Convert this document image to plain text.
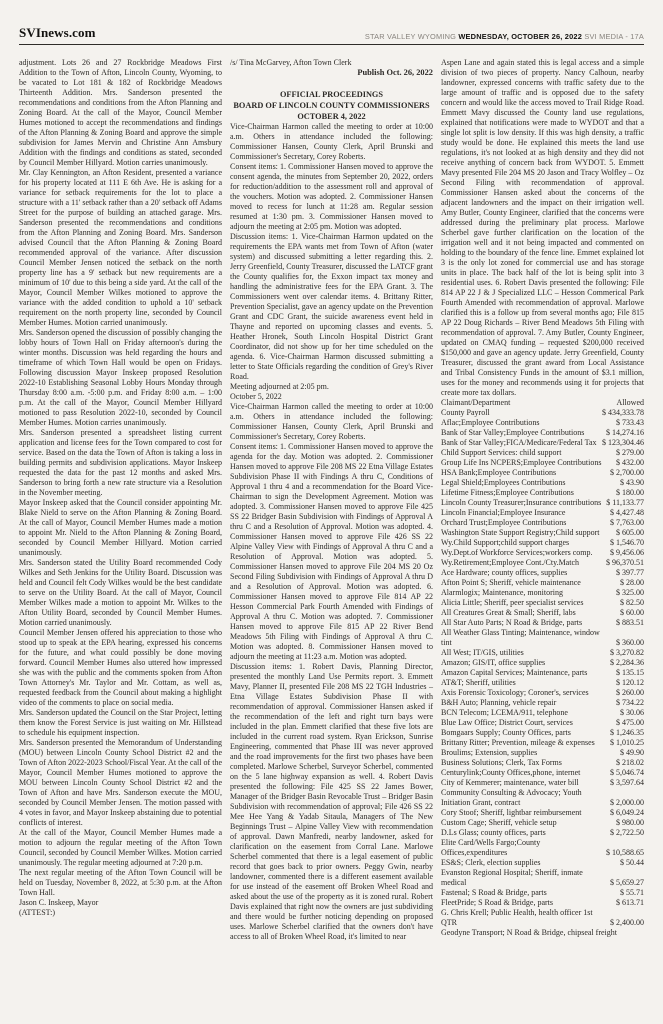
SVInews.com	STAR VALLEY WYOMING WEDNESDAY, OCTOBER 26, 2022 SVI MEDIA - 17A

adjustment. Lots 26 and 27 Rockbridge Meadows First Addition to the Town of Afton, Lincoln County, Wyoming, to be vacated to Lot 181 & 182 of Rockbridge Meadows Thirteenth Addition. Mrs. Sanderson presented the recommendations and conditions from the Afton Planning and Zoning Board. At the call of the Mayor, Council Member Humes motioned to accept the recommendations and findings of the Afton Planning & Zoning Board and approve the simple subdivision for James Mervin and Christine Ann Amsbury Addition with the findings and conditions as stated, seconded by Council Member Hillyard. Motion carries unanimously.

Mr. Clay Kennington, an Afton Resident, presented a variance for his property located at 111 E 6th Ave. He is asking for a variance for setback requirements for the lot to place a structure with a 11' setback rather than a 20' setback off Adams Street for the purpose of building an attached garage. Mrs. Sanderson presented the recommendations and conditions from the Afton Planning and Zoning Board. Mrs. Sanderson advised Council that the Afton Planning & Zoning Board recommended approval of the variance. After discussion Council Member Jensen noticed the setback on the north property line has a 9' setback but new requirements are a minimum of 10' due to this being a side yard. At the call of the Mayor, Council Member Wilkes motioned to approve the variance with the added condition to uphold a 10' setback requirement on the north property line, seconded by Council Member Humes. Motion carried unanimously.

Mrs. Sanderson opened the discussion of possibly changing the lobby hours of Town Hall on Friday afternoon's during the winter months. Discussion was held regarding the hours and timeframe of which Town Hall would be open on Fridays. Following discussion Mayor Inskeep proposed Resolution 2022-10 Establishing Seasonal Lobby Hours Monday through Thursday 8:00 a.m. -5:00 p.m. and Friday 8:00 a.m. – 1:00 p.m. At the call of the Mayor, Council Member Hillyard motioned to pass Resolution 2022-10, seconded by Council Member Humes. Motion carries unanimously.

Mrs. Sanderson presented a spreadsheet listing current application and license fees for the Town compared to cost for service. Based on the data the Town of Afton is taking a loss in building permits and subdivision applications. Mayor Inskeep requested the data for the past 12 months and asked Mrs. Sanderson to bring forth a new rate structure via a Resolution in the November meeting.

Mayor Inskeep asked that the Council consider appointing Mr. Blake Nield to serve on the Afton Planning & Zoning Board. At the call of Mayor, Council Member Humes made a motion to appoint Mr. Nield to the Afton Planning & Zoning Board, seconded by Council Member Hillyard. Motion carried unanimously.

Mrs. Sanderson stated the Utility Board recommended Cody Wilkes and Seth Jenkins for the Utility Board. Discussion was held and Council felt Cody Wilkes would be the best candidate to serve on the Utility Board. At the call of Mayor, Council Member Wilkes made a motion to appoint Mr. Wilkes to the Afton Utility Board, seconded by Council Member Humes. Motion carried unanimously.

Council Member Jensen offered his appreciation to those who stood up to speak at the EPA hearing, expressed his concerns for the future, and what could possibly be done moving forward. Council Member Humes also uttered how impressed she was with the public and the comments spoken from Afton Town Attorney's Mr. Taylor and Mr. Cottam, as well as, requested feedback from the Council about making a highlight video of the comments to place on social media.

Mrs. Sanderson updated the Council on the Star Project, letting them know the Forest Service is just waiting on Mr. Hillstead to schedule his equipment inspection.

Mrs. Sanderson presented the Memorandum of Understanding (MOU) between Lincoln County School District #2 and the Town of Afton 2022-2023 School/Fiscal Year. At the call of the Mayor, Council Member Humes motioned to approve the MOU between Lincoln County School District #2 and the Town of Afton and have Mrs. Sanderson execute the MOU, seconded by Council Member Jensen. The motion passed with 4 votes in favor, and Mayor Inskeep abstaining due to potential conflicts of interest.

At the call of the Mayor, Council Member Humes made a motion to adjourn the regular meeting of the Afton Town Council, seconded by Council Member Wilkes. Motion carried unanimously. The regular meeting adjourned at 7:20 p.m.

The next regular meeting of the Afton Town Council will be held on Tuesday, November 8, 2022, at 5:30 p.m. at the Afton Town Hall.

Jason C. Inskeep, Mayor

(ATTEST:)

/s/ Tina McGarvey, Afton Town Clerk

Publish Oct. 26, 2022

OFFICIAL PROCEEDINGS
BOARD OF LINCOLN COUNTY COMMISSIONERS
OCTOBER 4, 2022

Vice-Chairman Harmon called the meeting to order at 10:00 a.m. Others in attendance included the following: Commissioner Hansen, County Clerk, April Brunski and Commissioner's Secretary, Corey Roberts.

Consent items: 1. Commissioner Hansen moved to approve the consent agenda, the minutes from September 20, 2022, orders for reduction/addition to the assessment roll and approval of the vouchers. Motion was adopted. 2. Commissioner Hansen moved to recess for lunch at 11:28 am. Regular session resumed at 1:30 pm. 3. Commissioner Hansen moved to adjourn the meeting at 2:05 pm. Motion was adopted.

Discussion items: 1. Vice-Chairman Harmon updated on the requirements the EPA wants met from Town of Afton (water system) and discussed submitting a letter regarding this. 2. Jerry Greenfield, County Treasurer, discussed the LATCF grant the County qualifies for, the Exxon impact tax money and handling the administrative fees for the EPA Grant. 3. The Commissioners went over calendar items. 4. Brittany Ritter, Prevention Specialist, gave an agency update on the Prevention Grant and CDC Grant, the suicide awareness event held in Thayne and reported on upcoming classes and events. 5. Heather Hronek, South Lincoln Hospital District Grant Coordinator, did not show up for her time scheduled on the agenda. 6. Vice-Chairman Harmon discussed submitting a letter to State Officials regarding the condition of Grey's River Road.

Meeting adjourned at 2:05 pm.

October 5, 2022

Vice-Chairman Harmon called the meeting to order at 10:00 a.m. Others in attendance included the following: Commissioner Hansen, County Clerk, April Brunski and Commissioner's Secretary, Corey Roberts.

Consent items: 1. Commissioner Hansen moved to approve the agenda for the day. Motion was adopted. 2. Commissioner Hansen moved to approve File 208 MS 22 Etna Village Estates Subdivision Phase II with Findings A thru C, Conditions of Approval 1 thru 4 and a recommendation for the Board Vice-Chairman to sign the Development Agreement. Motion was adopted. 3. Commissioner Hansen moved to approve File 425 SS 22 Bridger Basin Subdivision with Findings of Approval A thru C and a Resolution of Approval. Motion was adopted. 4. Commissioner Hansen moved to approve File 426 SS 22 Alpine Valley View with Findings of Approval A thru C and a Resolution of Approval. Motion was adopted. 5. Commissioner Hansen moved to approve File 204 MS 20 Oz Second Filing Subdivision with Findings of Approval A thru D and a Resolution of Approval. Motion was adopted. 6. Commissioner Hansen moved to approve File 814 AP 22 Hesson Commercial Park Fourth Amended with Findings of Approval A thru C. Motion was adopted. 7. Commissioner Hansen moved to approve File 815 AP 22 River Bend Meadows 5th Filing with Findings of Approval A thru C. Motion was adopted. 8. Commissioner Hansen moved to adjourn the meeting at 11:23 a.m. Motion was adopted.

Discussion items: 1. Robert Davis, Planning Director, presented the monthly Land Use Permits report. 3. Emmett Mavy, Planner II, presented File 208 MS 22 TGH Industries – Etna Village Estates Subdivision Phase II with recommendation of approval. Commissioner Hansen asked if the recommendation of the left and right turn bays were included in the plan. Emmett clarified that these five lots are included in the current road system. Ryan Erickson, Sunrise Engineering, commented that Phase III was never approved and the road improvements for the first two phases have been completed. Marlowe Scherbel, Surveyor Scherbel, commented on the 5 lane highway expansion as well. 4. Robert Davis presented the following: File 425 SS 22 James Bower, Manager of the Bridger Basin Revocable Trust – Bridger Basin Subdivision with recommendation of approval; File 426 SS 22 Mee Hee Yang & Yadab Sitaula, Managers of The New Beginnings Trust – Alpine Valley View with recommendation of approval. Dawn Manfredi, nearby landowner, asked for clarification on the easement from Corral Lane. Marlowe Scherbel commented that there is a legal easement of public record that goes back to prior owners. Peggy Gwin, nearby landowner, commented there is a different easement available for use instead of the easement off Broken Wheel Road and asked about the use of the property as it is zoned rural. Robert Davis explained that right now the owners are just subdividing and there would be further noticing depending on proposed uses. Marlowe Scherbel clarified that the owners don't have access to all of Broken Wheel Road, it's limited to near

Aspen Lane and again stated this is legal access and a simple division of two pieces of property. Nancy Calhoun, nearby landowner, expressed concerns with traffic safety due to the large amount of traffic and is opposed due to the safety concern and would like the access moved to Trail Ridge Road. Emmett Mavy discussed the County land use regulations, explained that notifications were made to WYDOT and that a single lot split is low density. If this was high density, a traffic study would be done. He explained this meets the land use regulations, it's not looked at as high density and they did not receive anything of concern back from WYDOT. 5. Emmett Mavy presented File 204 MS 20 Jason and Tracy Wolfley – Oz Second Filing with recommendation of approval. Commissioner Hansen asked about the concerns of the adjacent landowners and the impact on their irrigation well. Amy Butler, County Engineer, clarified that the concerns were addressed during the preliminary plat process. Marlowe Scherbel gave further clarification on the location of the irrigation well and it not being impacted and commented on holding to the boundary of the fence line. Emmet explained lot 3 is the only lot zoned for commercial use and has storage units in place. The back half of the lot is being split into 3 residential uses. 6. Robert Davis presented the following: File 814 AP 22 J & J Specialized LLC – Hesson Commerical Park Fourth Amended with recommendation of approval. Marlowe clarified this is a follow up from several months ago; File 815 AP 22 Doug Richards – River Bend Meadows 5th Filing with recommendation of approval. 7. Amy Butler, County Engineer, updated on CMAQ funding – requested $200,000 received $150,000 and gave an agency update. Jerry Greenfield, County Treasurer, discussed the grant award from Local Assistance and Tribal Consistency Funds in the amount of $3.1 million, uses for the money and recommends using it for projects that create more tax dollars.

Claimant/Department	Allowed
County Payroll	$ 434,333.78
Aflac;Employee Contributions	$ 733.43
Bank of Star Valley;Employee Contributions	$ 14,274.16
Bank of Star Valley;FICA/Medicare/Federal Tax $ 123,304.46
Child Support Services: child support	$ 279.00
Group Life Ins NCPERS;Employee Contributions	$ 432.00
HSA Bank;Employee Contributions	$ 2,700.00
Legal Shield;Employees Contributions	$ 43.90
Lifetime Fitness;Employee Contributions	$ 180.00
Lincoln County Treasurer;Insurance contributions $ 11,133.77
Lincoln Financial;Employee Insurance	$ 4,427.48
Orchard Trust;Employee Contributions	$ 7,763.00
Washington State Support Registry;Child support	$ 605.00
Wy.Child Support;child support charges	$ 1,546.70
Wy.Dept.of Workforce Services;workers comp.	$ 9,456.06
Wy.Retirement;Employee Cont./Cty.Match	$ 96,370.51
Ace Hardware; county offices, supplies	$ 397.77
Afton Point S; Sheriff, vehicle maintenance	$ 28.00
Alarmlogix; Maintenance, monitoring	$ 325.00
Alicia Little; Sheriff, peer specialist services	$ 82.50
All Creatures Great & Small; Sheriff, labs	$ 60.00
All Star Auto Parts; N Road & Bridge, parts	$ 883.51
All Weather Glass Tinting; Maintenance, window tint	$ 360.00
All West; IT/GIS, utilities	$ 3,270.82
Amazon; GIS/IT, office supplies	$ 2,284.36
Amazon Capital Services; Maintenance, parts	$ 135.15
AT&T; Sheriff, utilities	$ 120.12
Axis Forensic Toxicology; Coroner's, services	$ 260.00
B&H Auto; Planning, vehicle repair	$ 734.22
BCN Telecom; LCEMA/911, telephone	$ 30.06
Blue Law Office; District Court, services	$ 475.00
Bomgaars Supply; County Offices, parts	$ 1,246.35
Brittany Ritter; Prevention, mileage & expenses	$ 1,010.25
Broulims; Extension, supplies	$ 49.90
Business Solutions; Clerk, Tax Forms	$ 218.02
Centurylink;County Offices,phone, internet	$ 5,046.74
City of Kemmerer; maintenance, water bill	$ 3,597.64
Community Consulting & Advocacy; Youth Initiation Grant, contract	$ 2,000.00
Cory Stoof; Sheriff, lightbar reimbursement	$ 6,049.24
Custom Cage; Sheriff, vehicle setup	$ 980.00
D.Ls Glass; county offices, parts	$ 2,722.50
Elite Card/Wells Fargo;County Offices,expenditures	$ 10,588.65
ES&S; Clerk, election supplies	$ 50.44
Evanston Regional Hospital; Sheriff, inmate medical	$ 5,659.27
Fastenal; S Road & Bridge, parts	$ 55.71
FleetPride; S Road & Bridge, parts	$ 613.71
G. Chris Krell; Public Health, health officer 1st QTR	$ 2,400.00
Geodyne Transport; N Road & Bridge, chipseal freight
